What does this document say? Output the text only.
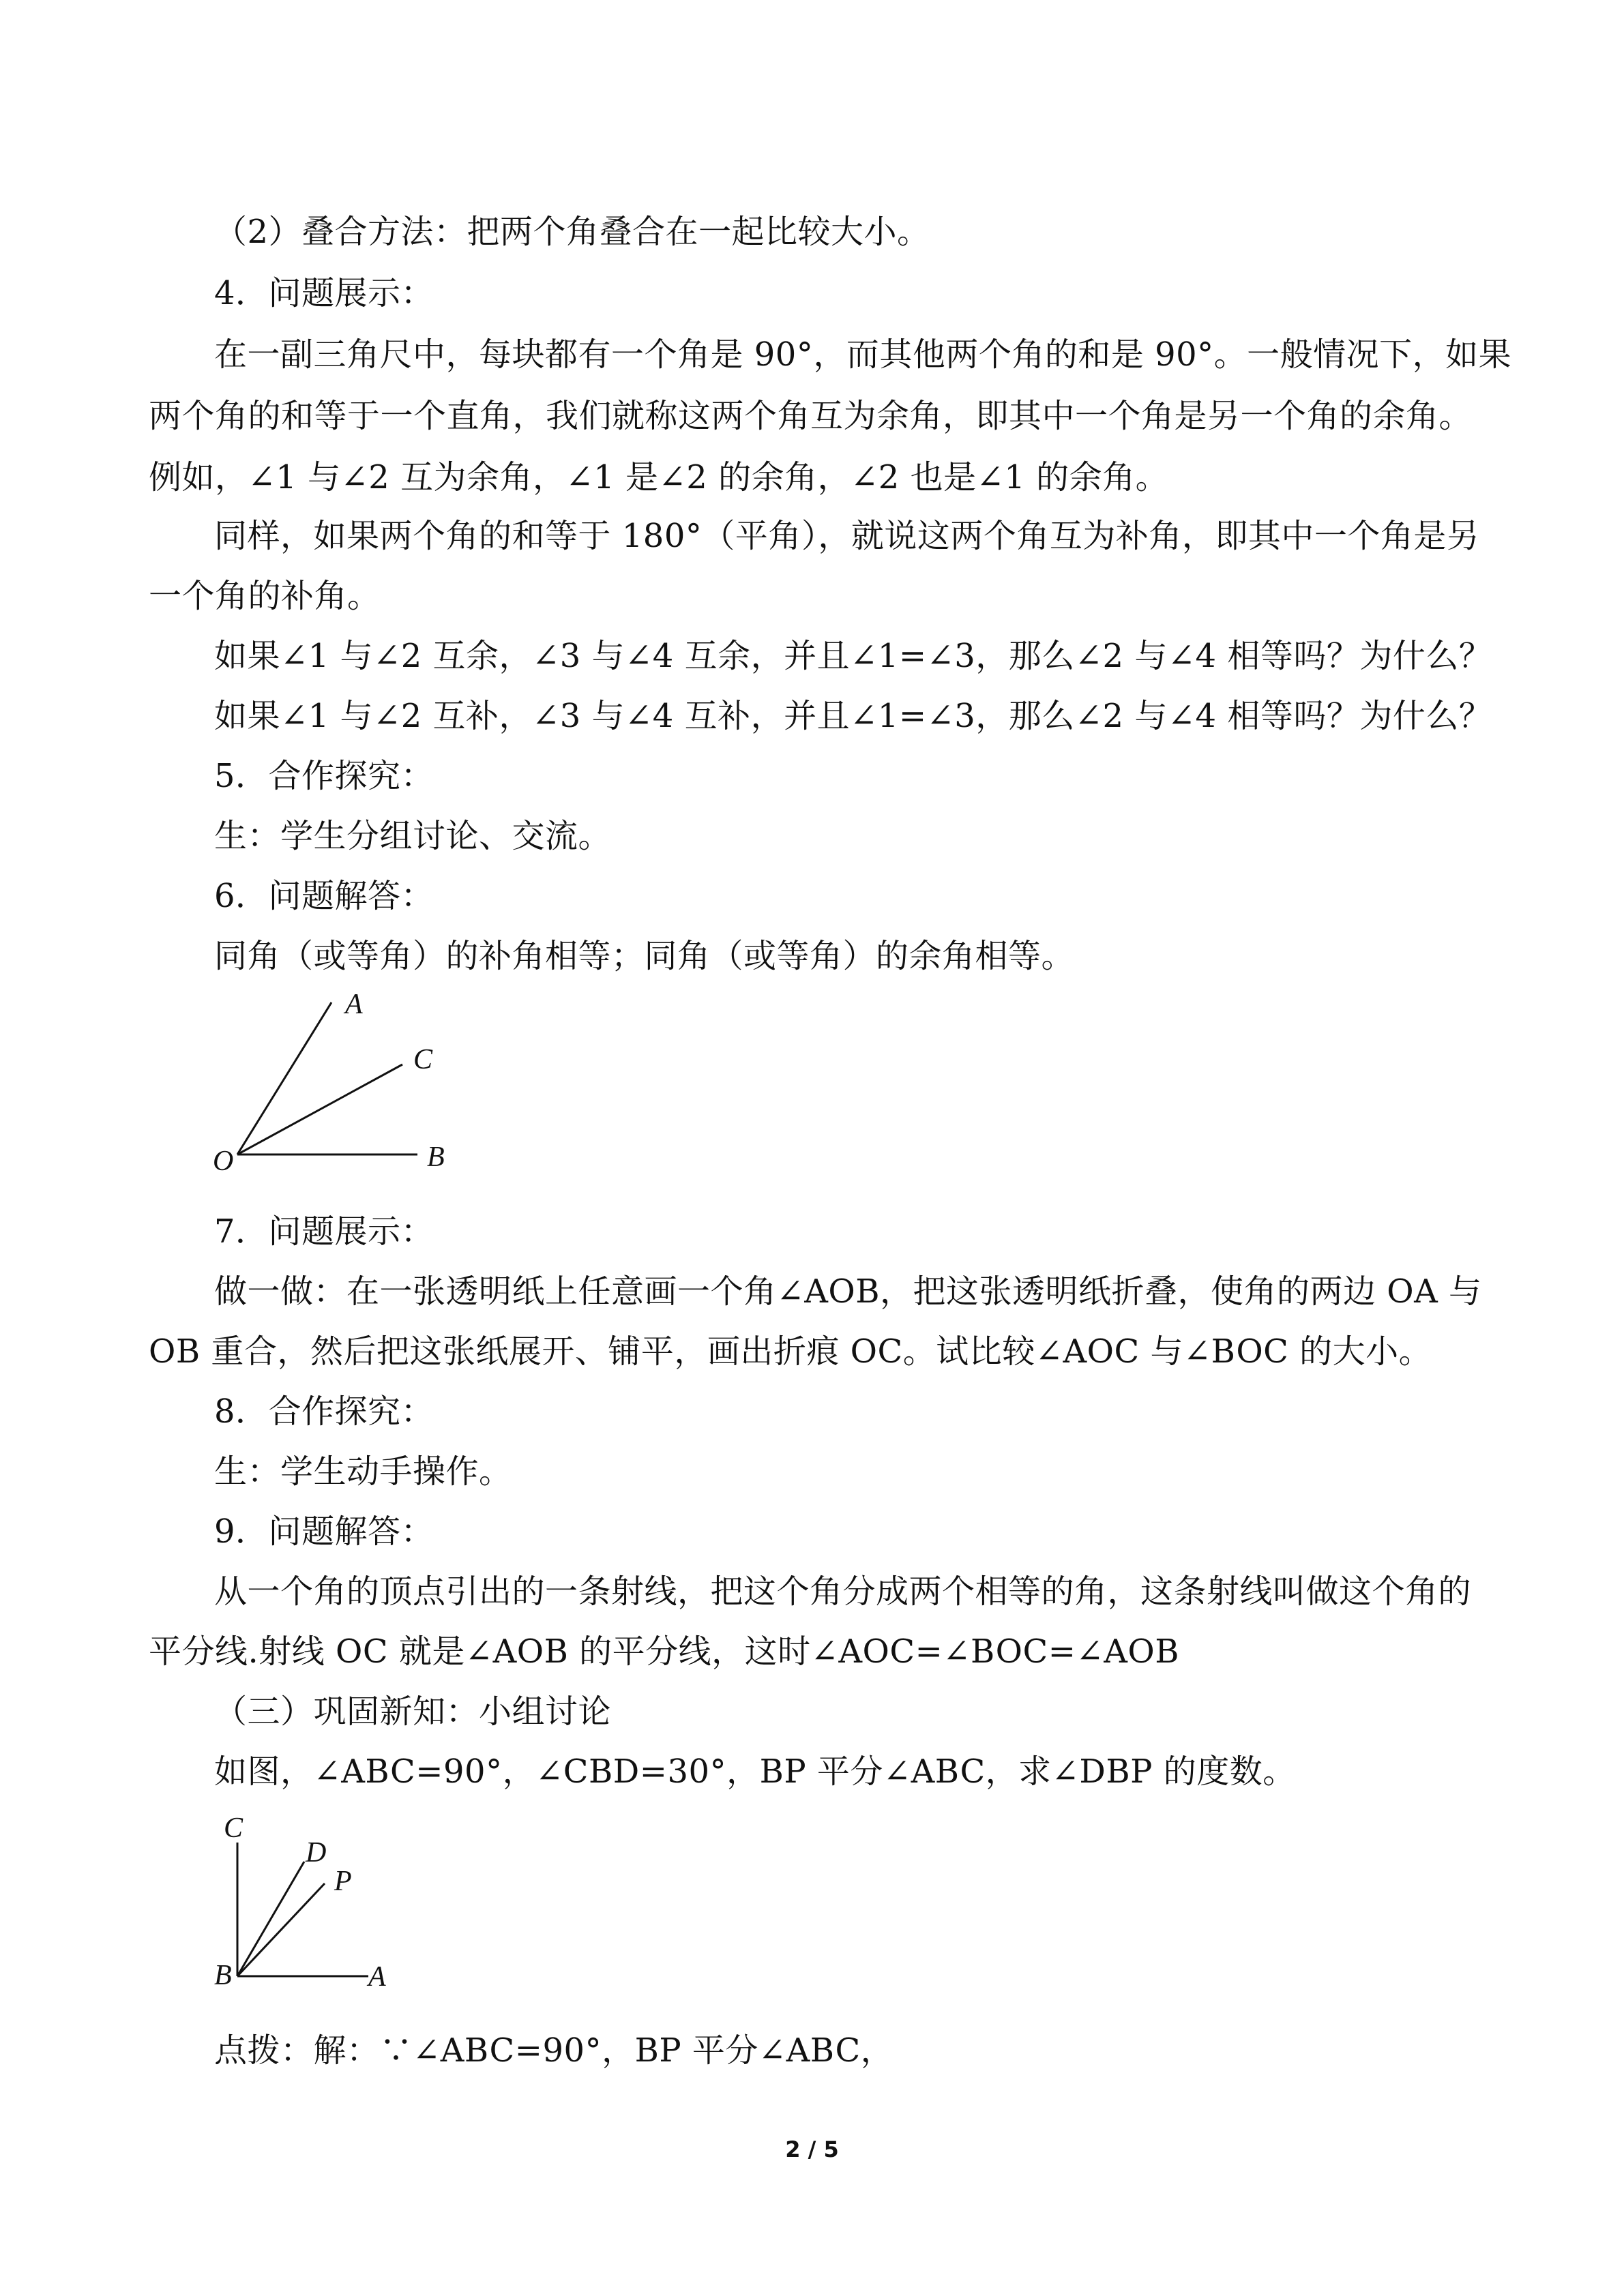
（2）叠合方法：把两个角叠合在一起比较大小。
4．问题展示：
在一副三角尺中，每块都有一个角是 90°，而其他两个角的和是 90°。一般情况下，如果
两个角的和等于一个直角，我们就称这两个角互为余角，即其中一个角是另一个角的余角。
例如，∠1 与∠2 互为余角，∠1 是∠2 的余角，∠2 也是∠1 的余角。
同样，如果两个角的和等于 180°（平角），就说这两个角互为补角，即其中一个角是另
一个角的补角。
如果∠1 与∠2 互余，∠3 与∠4 互余，并且∠1=∠3，那么∠2 与∠4 相等吗？为什么？
如果∠1 与∠2 互补，∠3 与∠4 互补，并且∠1=∠3，那么∠2 与∠4 相等吗？为什么？
5．合作探究：
生：学生分组讨论、交流。
6．问题解答：
同角（或等角）的补角相等；同角（或等角）的余角相等。
A
C
O	B
7．问题展示：
做一做：在一张透明纸上任意画一个角∠AOB，把这张透明纸折叠，使角的两边 OA 与
OB 重合，然后把这张纸展开、铺平，画出折痕 OC。试比较∠AOC 与∠BOC 的大小。
8．合作探究：
生：学生动手操作。
9．问题解答：
从一个角的顶点引出的一条射线，把这个角分成两个相等的角，这条射线叫做这个角的
平分线.射线 OC 就是∠AOB 的平分线，这时∠AOC=∠BOC=∠AOB
（三）巩固新知：小组讨论
如图，∠ABC=90°，∠CBD=30°，BP 平分∠ABC，求∠DBP 的度数。
C
D
P
B	A
点拨：解：∵∠ABC=90°，BP 平分∠ABC，
2 / 5
